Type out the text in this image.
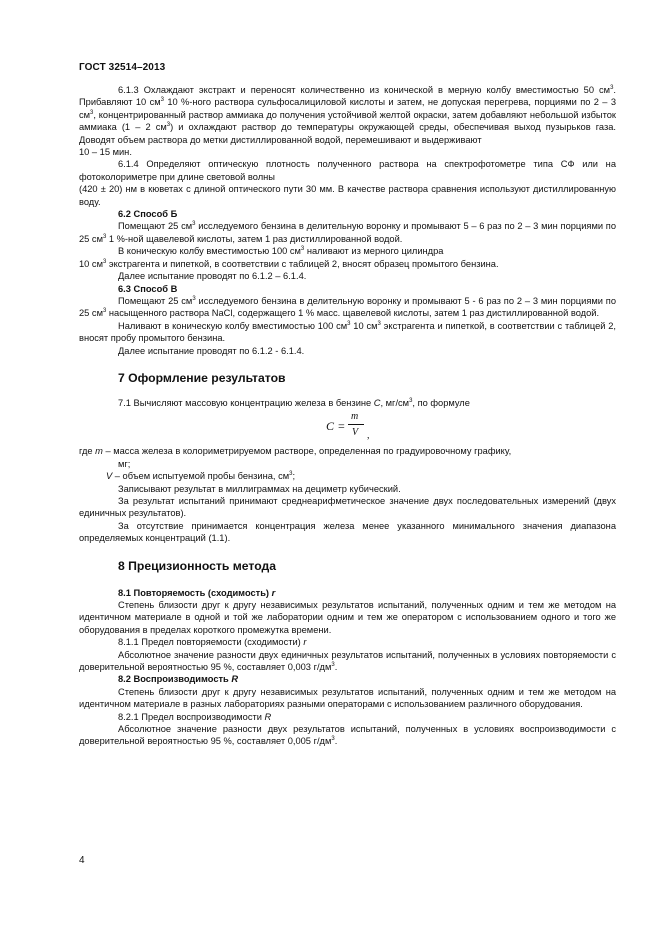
ГОСТ 32514–2013

6.1.3 Охлаждают экстракт и переносят количественно из конической в мерную колбу вместимостью 50 $см^3$. Прибавляют 10 $см^3$ 10 %-ного раствора сульфосалициловой кислоты и затем, не допуская перегрева, порциями по 2 – 3 $см^3$, концентрированный раствор аммиака до получения устойчивой желтой окраски, затем добавляют небольшой избыток аммиака (1 – 2 $см^3$) и охлаждают раствор до температуры окружающей среды, обеспечивая выход пузырьков газа. Доводят объем раствора до метки дистиллированной водой, перемешивают и выдерживают

10 – 15 мин.

6.1.4 Определяют оптическую плотность полученного раствора на спектрофотометре типа СФ или на фотоколориметре при длине световой волны

(420 ± 20) нм в кюветах с длиной оптического пути 30 мм. В качестве раствора сравнения используют дистиллированную воду.

6.2 Способ Б

Помещают 25 $см^3$ исследуемого бензина в делительную воронку и промывают 5 – 6 раз по 2 – 3 мин порциями по 25 $см^3$ 1 %-ной щавелевой кислоты, затем 1 раз дистиллированной водой.

В коническую колбу вместимостью 100 $см^3$ наливают из мерного цилиндра

10 $см^3$ экстрагента и пипеткой, в соответствии с таблицей 2, вносят образец промытого бензина.

Далее испытание проводят по 6.1.2 – 6.1.4.

6.3 Способ В

Помещают 25 $см^3$ исследуемого бензина в делительную воронку и промывают 5 - 6 раз по 2 – 3 мин порциями по 25 $см^3$ насыщенного раствора NaCl, содержащего 1 % масс. щавелевой кислоты, затем 1 раз дистиллированной водой.

Наливают в коническую колбу вместимостью 100 $см^3$ 10 $см^3$ экстрагента и пипеткой, в соответствии с таблицей 2, вносят пробу промытого бензина.

Далее испытание проводят по 6.1.2 - 6.1.4.

7 Оформление результатов

7.1 Вычисляют массовую концентрацию железа в бензине С, $мг/см^3$, по формуле

С =
m
V ,

где m – масса железа в колориметрируемом растворе, определенная по градуировочному графику, мг;

V – объем испытуемой пробы бензина, $см^3$;

Записывают результат в миллиграммах на дециметр кубический.

За результат испытаний принимают среднеарифметическое значение двух последовательных измерений (двух единичных результатов).

За отсутствие принимается концентрация железа менее указанного минимального значения диапазона определяемых концентраций (1.1).

8 Прецизионность метода

8.1 Повторяемость (сходимость) r

Степень близости друг к другу независимых результатов испытаний, полученных одним и тем же методом на идентичном материале в одной и той же лаборатории одним и тем же оператором с использованием одного и того же оборудования в пределах короткого промежутка времени.

8.1.1 Предел повторяемости (сходимости) r

Абсолютное значение разности двух единичных результатов испытаний, полученных в условиях повторяемости с доверительной вероятностью 95 %, составляет 0,003 $г/дм^3$.

8.2 Воспроизводимость R

Степень близости друг к другу независимых результатов испытаний, полученных одним и тем же методом на идентичном материале в разных лабораториях разными операторами с использованием различного оборудования.

8.2.1 Предел воспроизводимости R

Абсолютное значение разности двух результатов испытаний, полученных в условиях воспроизводимости с доверительной вероятностью 95 %, составляет 0,005 $г/дм^3$.

4
